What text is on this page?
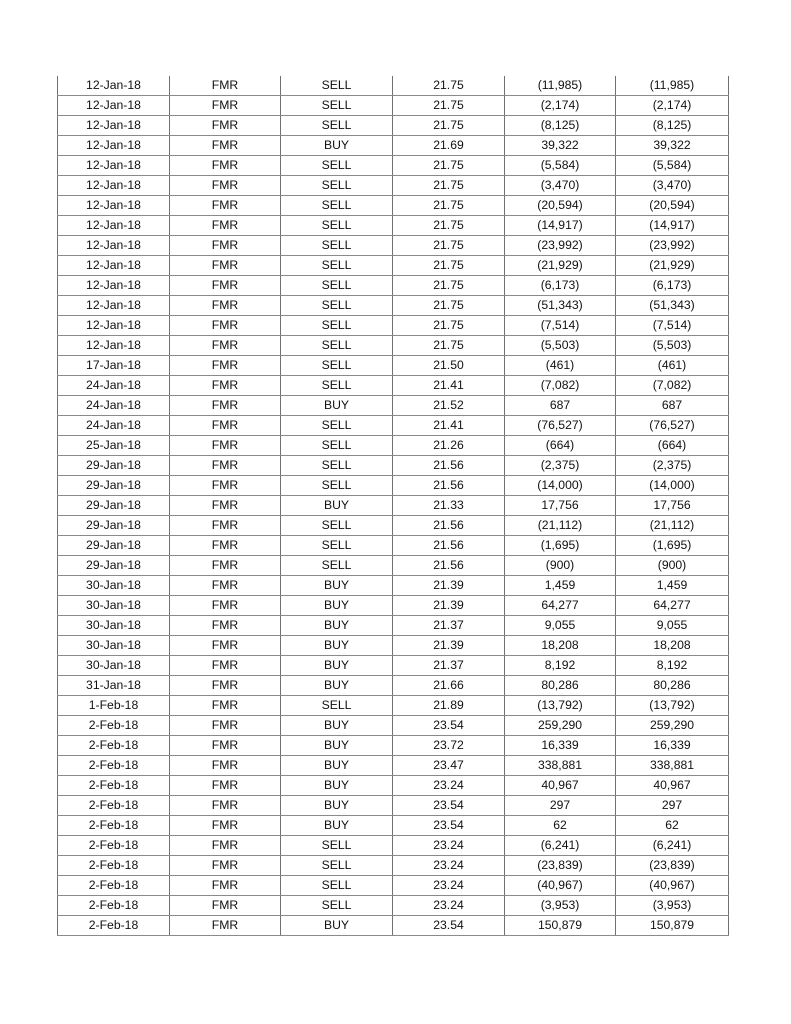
12-Jan-18	FMR	SELL	21.75	(11,985)	(11,985)
12-Jan-18	FMR	SELL	21.75	(2,174)	(2,174)
12-Jan-18	FMR	SELL	21.75	(8,125)	(8,125)
12-Jan-18	FMR	BUY	21.69	39,322	39,322
12-Jan-18	FMR	SELL	21.75	(5,584)	(5,584)
12-Jan-18	FMR	SELL	21.75	(3,470)	(3,470)
12-Jan-18	FMR	SELL	21.75	(20,594)	(20,594)
12-Jan-18	FMR	SELL	21.75	(14,917)	(14,917)
12-Jan-18	FMR	SELL	21.75	(23,992)	(23,992)
12-Jan-18	FMR	SELL	21.75	(21,929)	(21,929)
12-Jan-18	FMR	SELL	21.75	(6,173)	(6,173)
12-Jan-18	FMR	SELL	21.75	(51,343)	(51,343)
12-Jan-18	FMR	SELL	21.75	(7,514)	(7,514)
12-Jan-18	FMR	SELL	21.75	(5,503)	(5,503)
17-Jan-18	FMR	SELL	21.50	(461)	(461)
24-Jan-18	FMR	SELL	21.41	(7,082)	(7,082)
24-Jan-18	FMR	BUY	21.52	687	687
24-Jan-18	FMR	SELL	21.41	(76,527)	(76,527)
25-Jan-18	FMR	SELL	21.26	(664)	(664)
29-Jan-18	FMR	SELL	21.56	(2,375)	(2,375)
29-Jan-18	FMR	SELL	21.56	(14,000)	(14,000)
29-Jan-18	FMR	BUY	21.33	17,756	17,756
29-Jan-18	FMR	SELL	21.56	(21,112)	(21,112)
29-Jan-18	FMR	SELL	21.56	(1,695)	(1,695)
29-Jan-18	FMR	SELL	21.56	(900)	(900)
30-Jan-18	FMR	BUY	21.39	1,459	1,459
30-Jan-18	FMR	BUY	21.39	64,277	64,277
30-Jan-18	FMR	BUY	21.37	9,055	9,055
30-Jan-18	FMR	BUY	21.39	18,208	18,208
30-Jan-18	FMR	BUY	21.37	8,192	8,192
31-Jan-18	FMR	BUY	21.66	80,286	80,286
1-Feb-18	FMR	SELL	21.89	(13,792)	(13,792)
2-Feb-18	FMR	BUY	23.54	259,290	259,290
2-Feb-18	FMR	BUY	23.72	16,339	16,339
2-Feb-18	FMR	BUY	23.47	338,881	338,881
2-Feb-18	FMR	BUY	23.24	40,967	40,967
2-Feb-18	FMR	BUY	23.54	297	297
2-Feb-18	FMR	BUY	23.54	62	62
2-Feb-18	FMR	SELL	23.24	(6,241)	(6,241)
2-Feb-18	FMR	SELL	23.24	(23,839)	(23,839)
2-Feb-18	FMR	SELL	23.24	(40,967)	(40,967)
2-Feb-18	FMR	SELL	23.24	(3,953)	(3,953)
2-Feb-18	FMR	BUY	23.54	150,879	150,879
